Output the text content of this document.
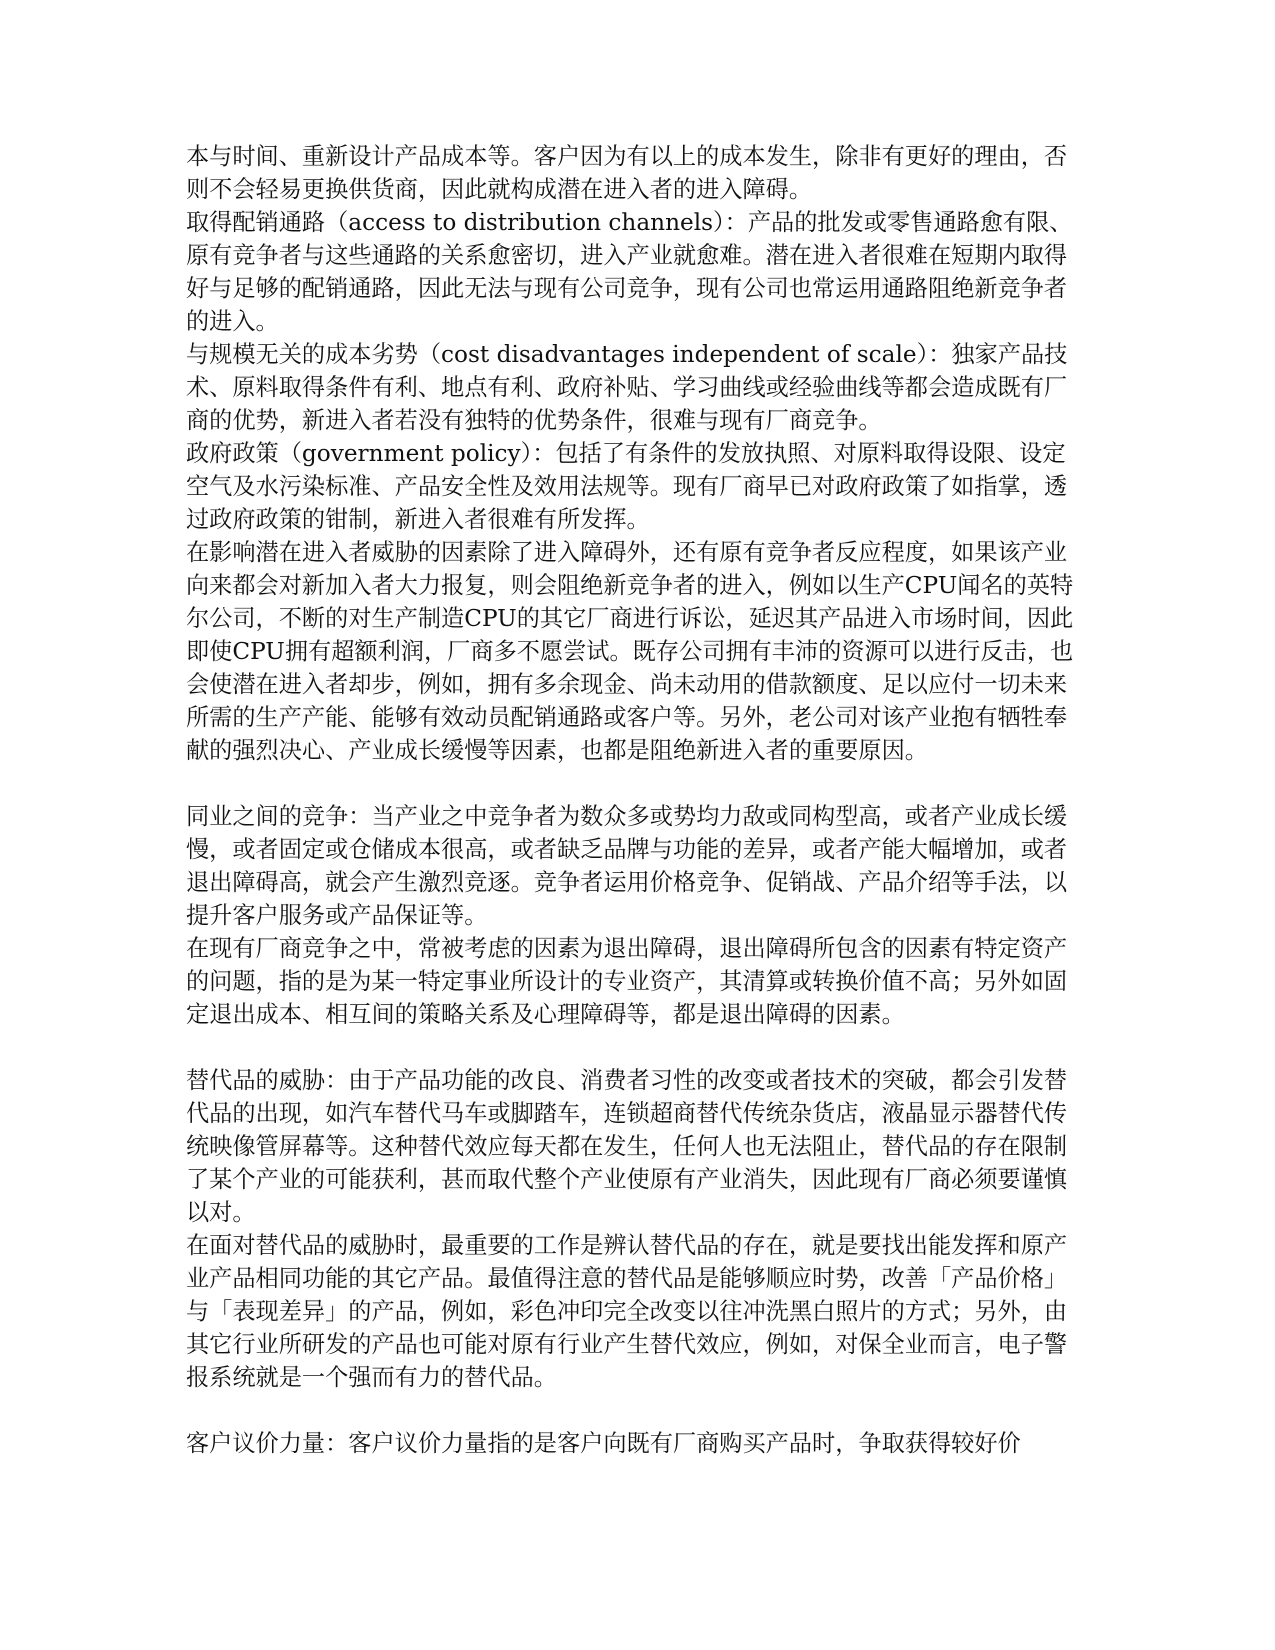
本与时间、重新设计产品成本等。客户因为有以上的成本发生，除非有更好的理由，否则不会轻易更换供货商，因此就构成潜在进入者的进入障碍。

取得配销通路（access to distribution channels）：产品的批发或零售通路愈有限、原有竞争者与这些通路的关系愈密切，进入产业就愈难。潜在进入者很难在短期内取得好与足够的配销通路，因此无法与现有公司竞争，现有公司也常运用通路阻绝新竞争者的进入。

与规模无关的成本劣势（cost disadvantages independent of scale）：独家产品技术、原料取得条件有利、地点有利、政府补贴、学习曲线或经验曲线等都会造成既有厂商的优势，新进入者若没有独特的优势条件，很难与现有厂商竞争。

政府政策（government policy）：包括了有条件的发放执照、对原料取得设限、设定空气及水污染标准、产品安全性及效用法规等。现有厂商早已对政府政策了如指掌，透过政府政策的钳制，新进入者很难有所发挥。

在影响潜在进入者威胁的因素除了进入障碍外，还有原有竞争者反应程度，如果该产业向来都会对新加入者大力报复，则会阻绝新竞争者的进入，例如以生产CPU闻名的英特尔公司，不断的对生产制造CPU的其它厂商进行诉讼，延迟其产品进入市场时间，因此即使CPU拥有超额利润，厂商多不愿尝试。既存公司拥有丰沛的资源可以进行反击，也会使潜在进入者却步，例如，拥有多余现金、尚未动用的借款额度、足以应付一切未来所需的生产产能、能够有效动员配销通路或客户等。另外，老公司对该产业抱有牺牲奉献的强烈决心、产业成长缓慢等因素，也都是阻绝新进入者的重要原因。

同业之间的竞争：当产业之中竞争者为数众多或势均力敌或同构型高，或者产业成长缓慢，或者固定或仓储成本很高，或者缺乏品牌与功能的差异，或者产能大幅增加，或者退出障碍高，就会产生激烈竞逐。竞争者运用价格竞争、促销战、产品介绍等手法，以提升客户服务或产品保证等。

在现有厂商竞争之中，常被考虑的因素为退出障碍，退出障碍所包含的因素有特定资产的问题，指的是为某一特定事业所设计的专业资产，其清算或转换价值不高；另外如固定退出成本、相互间的策略关系及心理障碍等，都是退出障碍的因素。

替代品的威胁：由于产品功能的改良、消费者习性的改变或者技术的突破，都会引发替代品的出现，如汽车替代马车或脚踏车，连锁超商替代传统杂货店，液晶显示器替代传统映像管屏幕等。这种替代效应每天都在发生，任何人也无法阻止，替代品的存在限制了某个产业的可能获利，甚而取代整个产业使原有产业消失，因此现有厂商必须要谨慎以对。

在面对替代品的威胁时，最重要的工作是辨认替代品的存在，就是要找出能发挥和原产业产品相同功能的其它产品。最值得注意的替代品是能够顺应时势，改善「产品价格」与「表现差异」的产品，例如，彩色冲印完全改变以往冲洗黑白照片的方式；另外，由其它行业所研发的产品也可能对原有行业产生替代效应，例如，对保全业而言，电子警报系统就是一个强而有力的替代品。

客户议价力量：客户议价力量指的是客户向既有厂商购买产品时，争取获得较好价
